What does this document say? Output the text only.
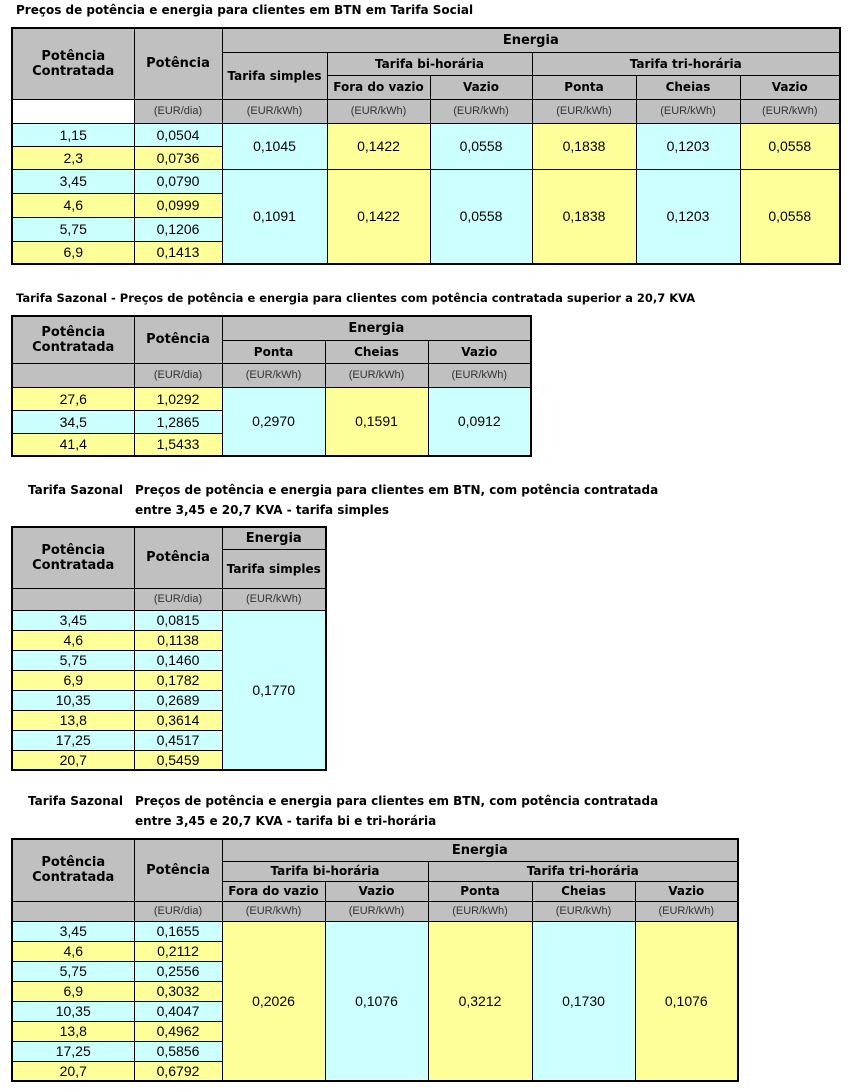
Preços de potência e energia para clientes em BTN em Tarifa Social
Potência
Contratada	Potência	Energia					
		Tarifa simples	Tarifa bi-horária		Tarifa tri-horária		
			Fora do vazio	Vazio	Ponta	Cheias	Vazio
	(EUR/dia)	(EUR/kWh)	(EUR/kWh)	(EUR/kWh)	(EUR/kWh)	(EUR/kWh)	(EUR/kWh)
1,15	0,0504	0,1045	0,1422	0,0558	0,1838	0,1203	0,0558
2,3	0,0736						
3,45	0,0790	0,1091	0,1422	0,0558	0,1838	0,1203	0,0558
4,6	0,0999						
5,75	0,1206						
6,9	0,1413						
Tarifa Sazonal - Preços de potência e energia para clientes com potência contratada superior a 20,7 KVA
Potência
Contratada	Potência	Energia		
		Ponta	Cheias	Vazio
	(EUR/dia)	(EUR/kWh)	(EUR/kWh)	(EUR/kWh)
27,6	1,0292	0,2970	0,1591	0,0912
34,5	1,2865			
41,4	1,5433			
Tarifa Sazonal Preços de potência e energia para clientes em BTN, com potência contratada
entre 3,45 e 20,7 KVA - tarifa simples
Potência
Contratada	Potência	Energia
		Tarifa simples
	(EUR/dia)	(EUR/kWh)
3,45	0,0815	0,1770
4,6	0,1138	
5,75	0,1460	
6,9	0,1782	
10,35	0,2689	
13,8	0,3614	
17,25	0,4517	
20,7	0,5459	
Tarifa Sazonal Preços de potência e energia para clientes em BTN, com potência contratada
entre 3,45 e 20,7 KVA - tarifa bi e tri-horária
Potência
Contratada	Potência	Energia				
		Tarifa bi-horária		Tarifa tri-horária		
		Fora do vazio	Vazio	Ponta	Cheias	Vazio
	(EUR/dia)	(EUR/kWh)	(EUR/kWh)	(EUR/kWh)	(EUR/kWh)	(EUR/kWh)
3,45	0,1655	0,2026	0,1076	0,3212	0,1730	0,1076
4,6	0,2112					
5,75	0,2556					
6,9	0,3032					
10,35	0,4047					
13,8	0,4962					
17,25	0,5856					
20,7	0,6792					
